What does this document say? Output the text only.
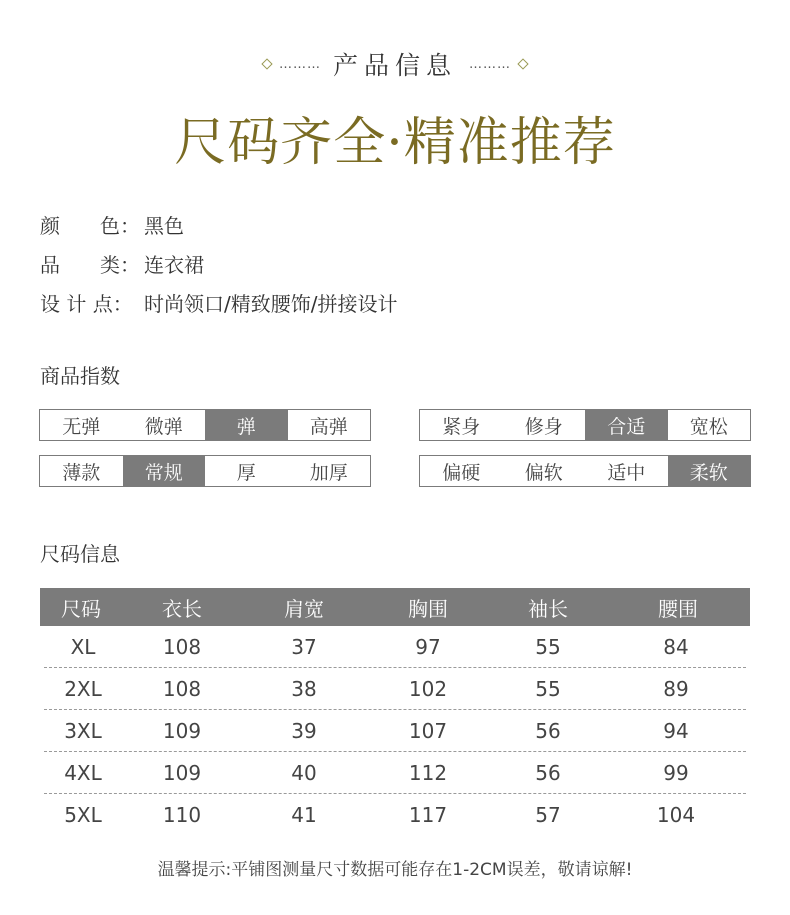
……… 产品信息 ………
尺码齐全·精准推荐
颜　　色： 黑色
品　　类： 连衣裙
设 计 点： 时尚领口/精致腰饰/拼接设计
商品指数
无弹	微弹	弹	高弹	紧身	修身	合适	宽松
薄款	常规	厚	加厚	偏硬	偏软	适中	柔软
尺码信息
尺码	衣长	肩宽	胸围	袖长	腰围
XL	108	37	97	55	84
2XL	108	38	102	55	89
3XL	109	39	107	56	94
4XL	109	40	112	56	99
5XL	110	41	117	57	104
温馨提示:平铺图测量尺寸数据可能存在1-2CM误差，敬请谅解!
